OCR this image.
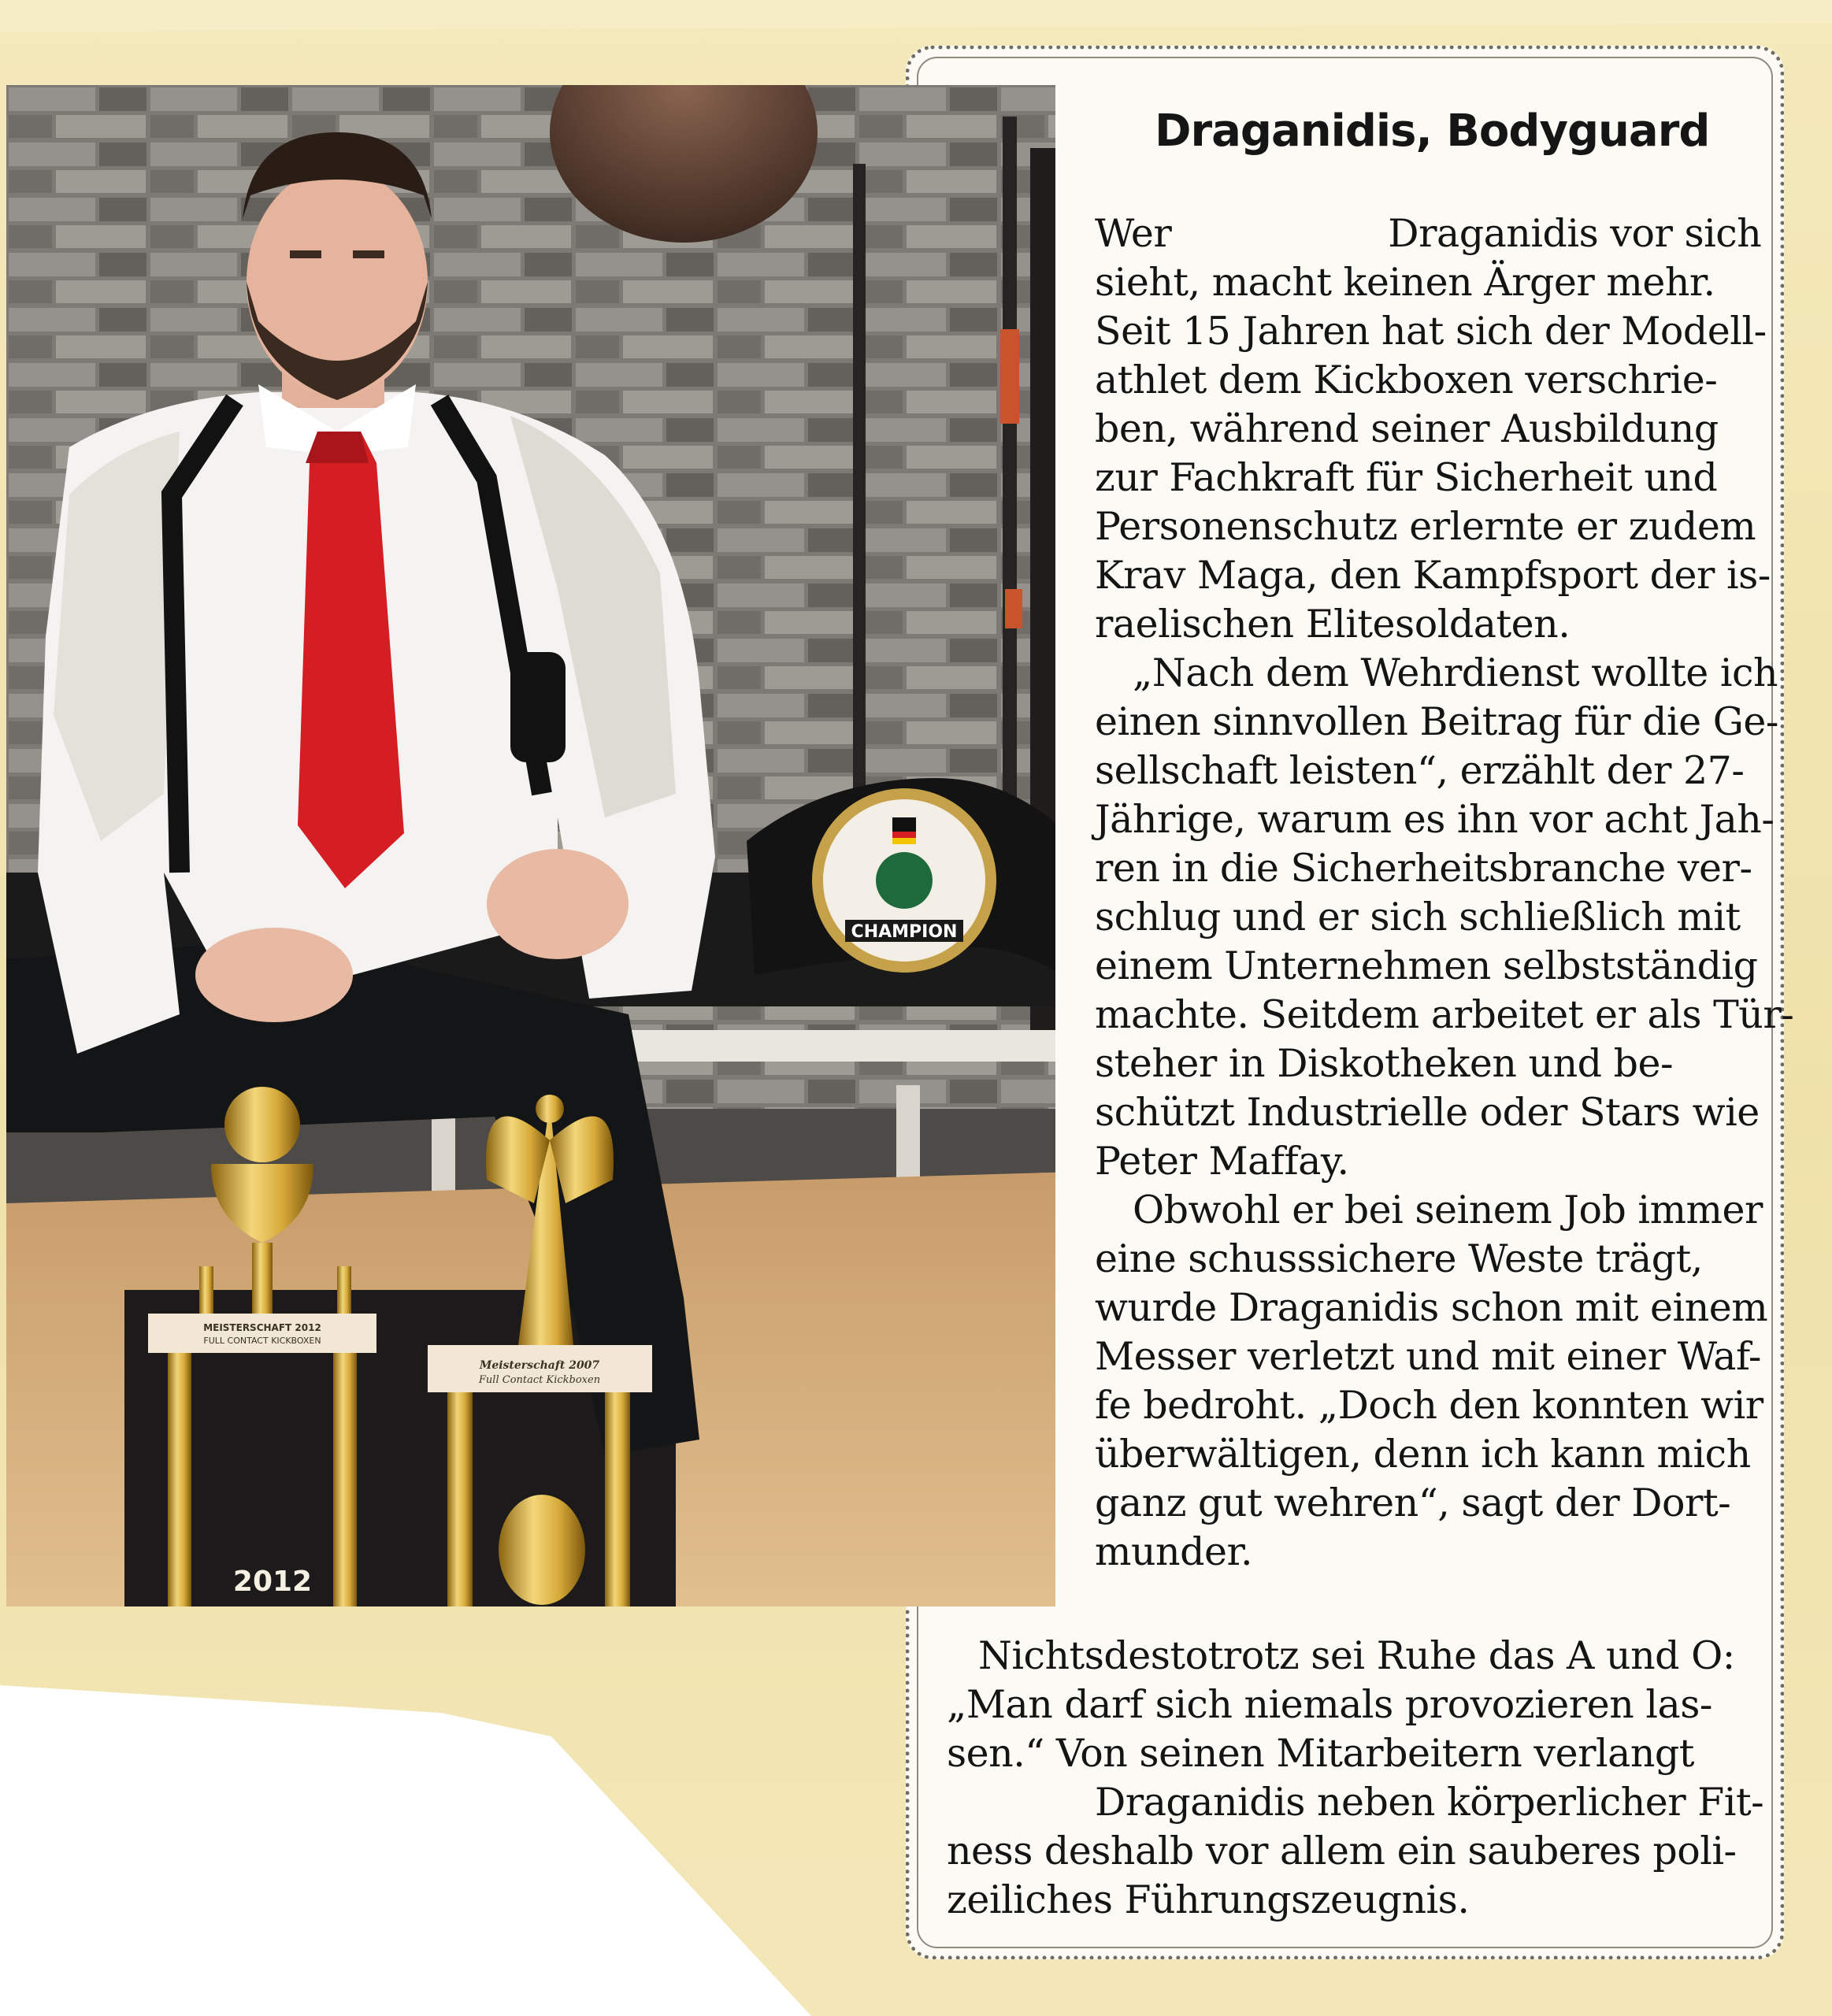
CHAMPION
MEISTERSCHAFT 2012
FULL CONTACT KICKBOXEN
2012
Meisterschaft 2007
Full Contact Kickboxen
Draganidis, Bodyguard
Wer	Draganidis vor sich
sieht, macht keinen Ärger mehr.
Seit 15 Jahren hat sich der Modell-
athlet dem Kickboxen verschrie-
ben, während seiner Ausbildung
zur Fachkraft für Sicherheit und
Personenschutz erlernte er zudem
Krav Maga, den Kampfsport der is-
raelischen Elitesoldaten.
„Nach dem Wehrdienst wollte ich
einen sinnvollen Beitrag für die Ge-
sellschaft leisten“, erzählt der 27-
Jährige, warum es ihn vor acht Jah-
ren in die Sicherheitsbranche ver-
schlug und er sich schließlich mit
einem Unternehmen selbstständig
machte. Seitdem arbeitet er als Tür-
steher in Diskotheken und be-
schützt Industrielle oder Stars wie
Peter Maffay.
Obwohl er bei seinem Job immer
eine schusssichere Weste trägt,
wurde Draganidis schon mit einem
Messer verletzt und mit einer Waf-
fe bedroht. „Doch den konnten wir
überwältigen, denn ich kann mich
ganz gut wehren“, sagt der Dort-
munder.
Nichtsdestotrotz sei Ruhe das A und O:
„Man darf sich niemals provozieren las-
sen.“ Von seinen Mitarbeitern verlangt
Draganidis neben körperlicher Fit-
ness deshalb vor allem ein sauberes poli-
zeiliches Führungszeugnis.
